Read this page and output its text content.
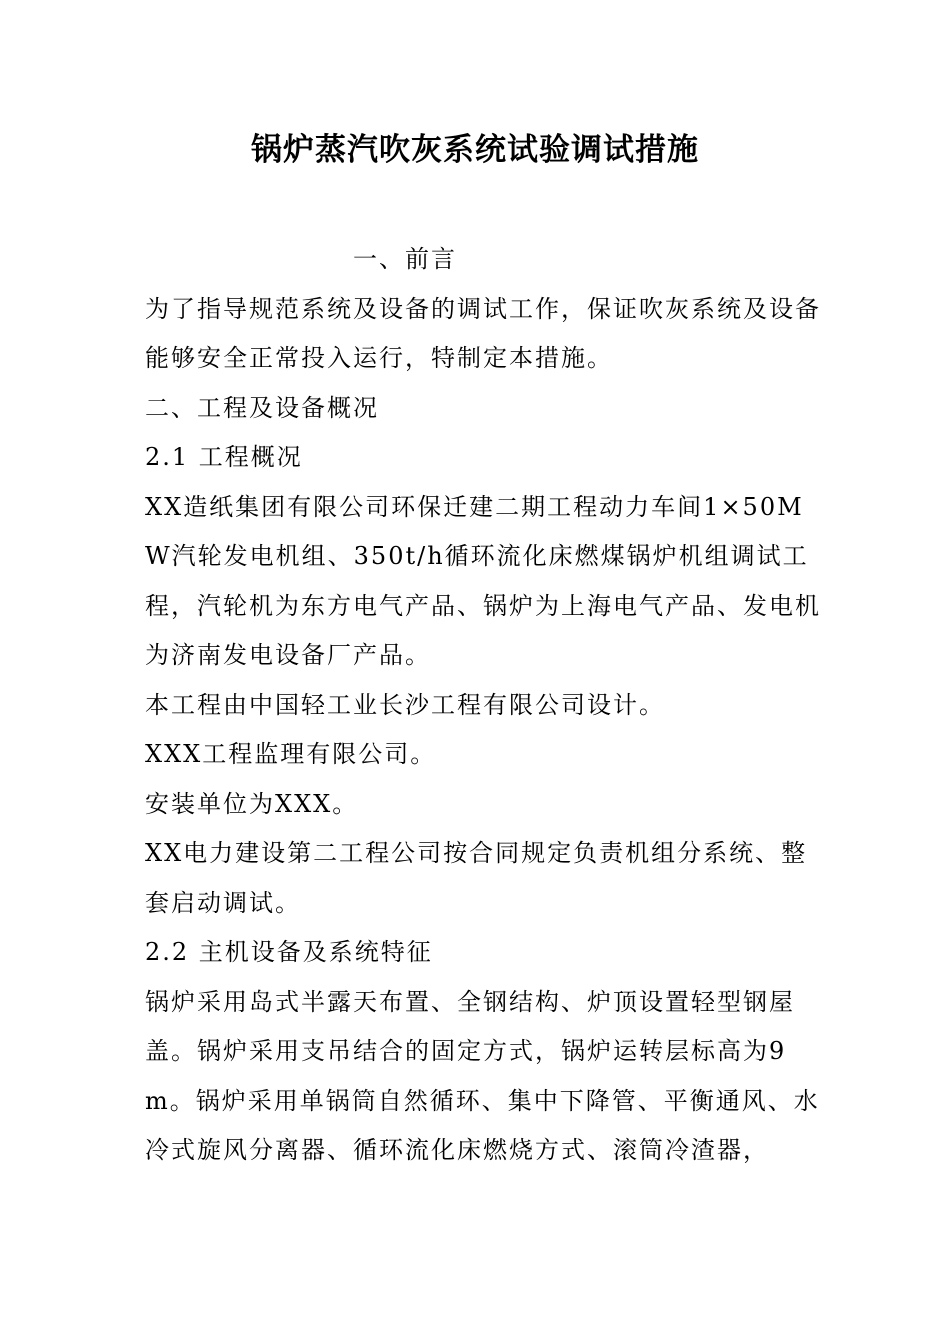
锅炉蒸汽吹灰系统试验调试措施

一、前言

为了指导规范系统及设备的调试工作，保证吹灰系统及设备能够安全正常投入运行，特制定本措施。

二、工程及设备概况

2.1 工程概况

XX造纸集团有限公司环保迁建二期工程动力车间1×50MW汽轮发电机组、350t/h循环流化床燃煤锅炉机组调试工程，汽轮机为东方电气产品、锅炉为上海电气产品、发电机为济南发电设备厂产品。

本工程由中国轻工业长沙工程有限公司设计。

XXX工程监理有限公司。

安装单位为XXX。

XX电力建设第二工程公司按合同规定负责机组分系统、整套启动调试。

2.2 主机设备及系统特征

锅炉采用岛式半露天布置、全钢结构、炉顶设置轻型钢屋盖。锅炉采用支吊结合的固定方式，锅炉运转层标高为9m。锅炉采用单锅筒自然循环、集中下降管、平衡通风、水冷式旋风分离器、循环流化床燃烧方式、滚筒冷渣器，
